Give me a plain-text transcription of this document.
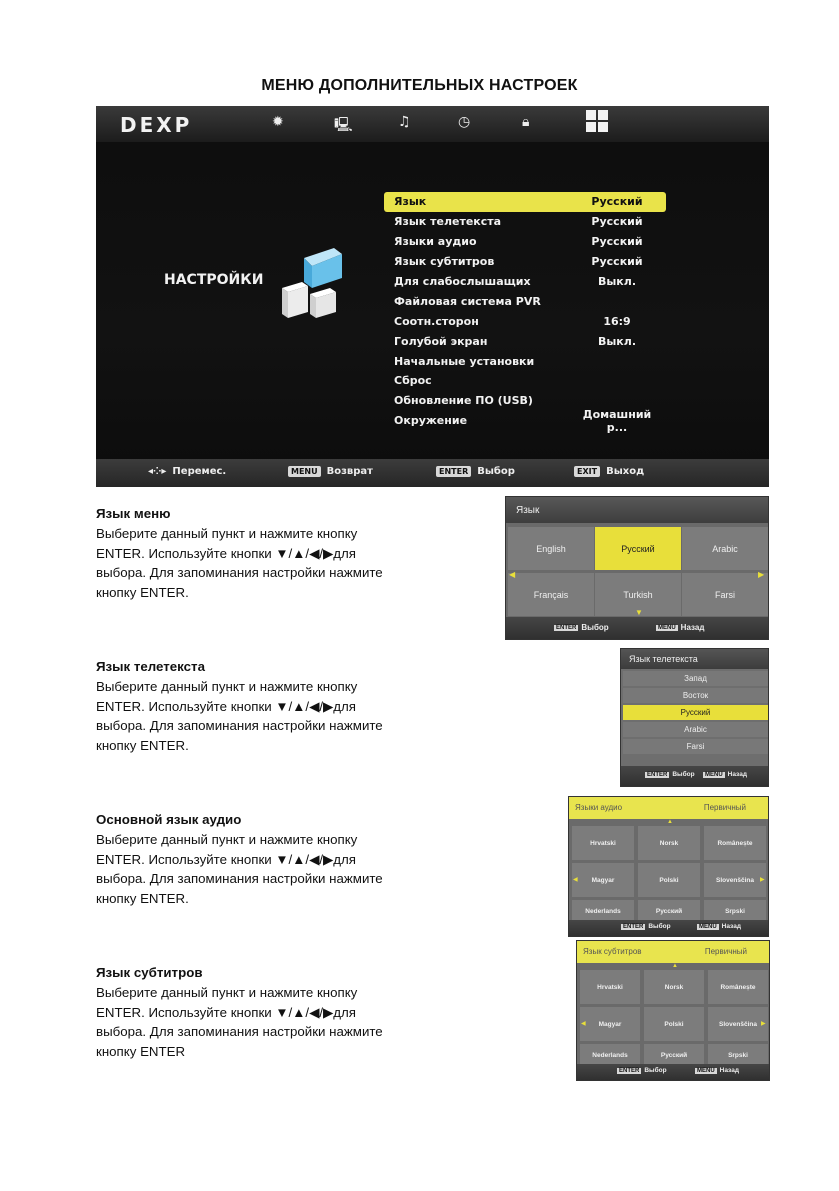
МЕНЮ ДОПОЛНИТЕЛЬНЫХ НАСТРОЕК
DEXP	✹	🖳	♫	◷	🔒︎
НАСТРОЙКИ
Язык	Русский
Язык телетекста	Русский
Языки аудио	Русский
Язык субтитров	Русский
Для слабослышащих	Выкл.
Файловая система PVR
Соотн.сторон	16:9
Голубой экран	Выкл.
Начальные установки
Сброс
Обновление ПО (USB)
Окружение	Домашний р...
◂⁘▸ Перемес.	MENU Возврат	ENTER Выбор	EXIT Выход
Язык меню
Выберите данный пункт и нажмите кнопку
ENTER. Используйте кнопки ▼/▲/◀/▶для
выбора. Для запоминания настройки нажмите
кнопку ENTER.
Язык телетекста
Выберите данный пункт и нажмите кнопку
ENTER. Используйте кнопки ▼/▲/◀/▶для
выбора. Для запоминания настройки нажмите
кнопку ENTER.
Основной язык аудио
Выберите данный пункт и нажмите кнопку
ENTER. Используйте кнопки ▼/▲/◀/▶для
выбора. Для запоминания настройки нажмите
кнопку ENTER.
Язык субтитров
Выберите данный пункт и нажмите кнопку
ENTER. Используйте кнопки ▼/▲/◀/▶для
выбора. Для запоминания настройки нажмите
кнопку ENTER
Язык
English	Русский	Arabic
Français	Turkish	Farsi
◀	▶
▼
ENTER Выбор	MENU Назад
Язык телетекста
Запад
Восток
Русский
Arabic
Farsi
ENTER Выбор	MENU Назад
Языки аудио	Первичный
▲
Hrvatski	Norsk	Românește
Magyar	Polski	Slovenščina
Nederlands	Русский	Srpski
◀	▶
ENTER Выбор	MENU Назад
Язык субтитров	Первичный
▲
Hrvatski	Norsk	Românește
Magyar	Polski	Slovenščina
Nederlands	Русский	Srpski
◀	▶
ENTER Выбор	MENU Назад
